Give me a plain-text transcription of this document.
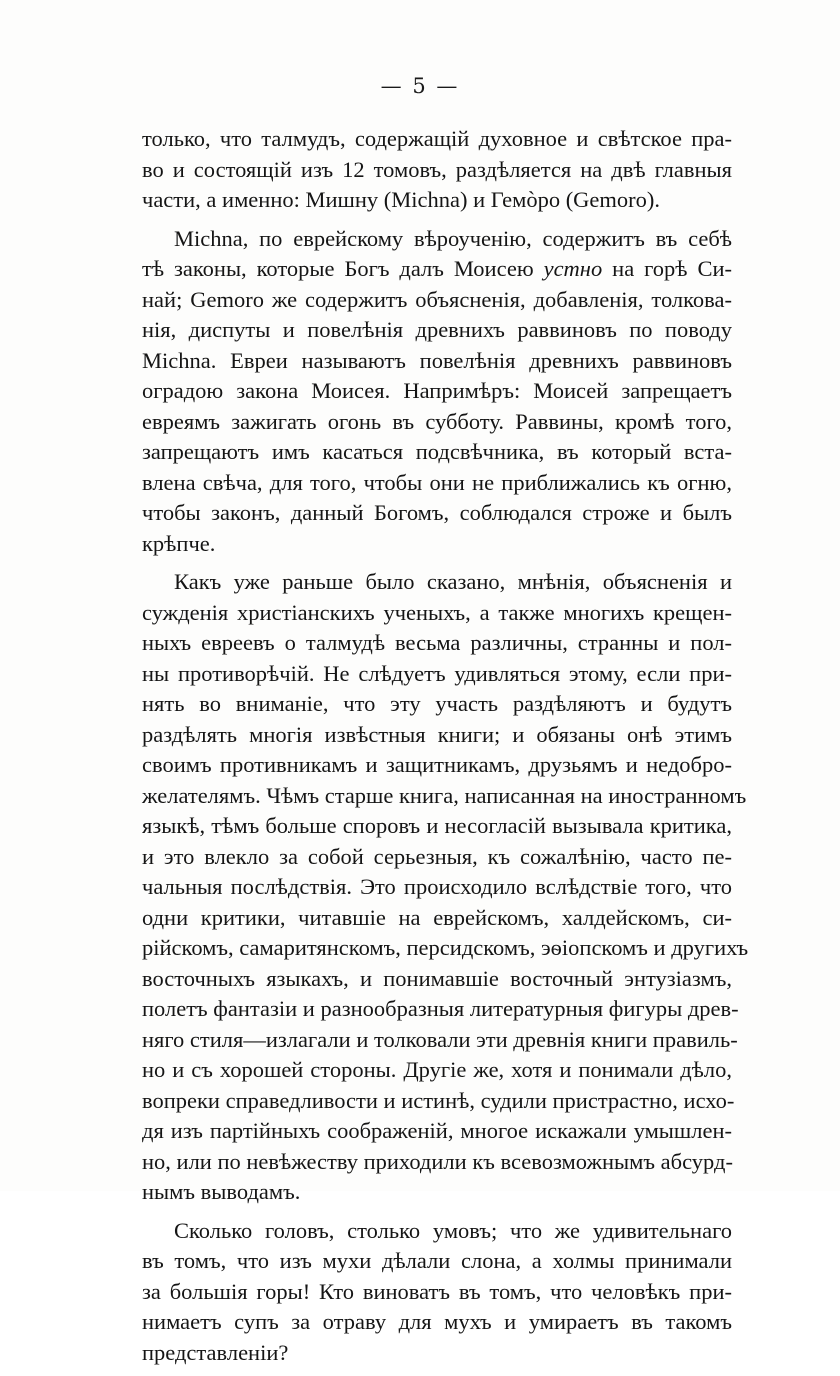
— 5 —
только, что талмудъ, содержащій духовное и свѣтское пра-
во и состоящій изъ 12 томовъ, раздѣляется на двѣ главныя
части, а именно: Мишну (Michna) и Гемòро (Gemoro).
Michna, по еврейскому вѣроученію, содержитъ въ себѣ
тѣ законы, которые Богъ далъ Моисею устно на горѣ Си-
най; Gemoro же содержитъ объясненія, добавленія, толкова-
нія, диспуты и повелѣнія древнихъ раввиновъ по поводу
Michna. Евреи называютъ повелѣнія древнихъ раввиновъ
оградою закона Моисея. Напримѣръ: Моисей запрещаетъ
евреямъ зажигать огонь въ субботу. Раввины, кромѣ того,
запрещаютъ имъ касаться подсвѣчника, въ который вста-
влена свѣча, для того, чтобы они не приближались къ огню,
чтобы законъ, данный Богомъ, соблюдался строже и былъ
крѣпче.
Какъ уже раньше было сказано, мнѣнія, объясненія и
сужденія христіанскихъ ученыхъ, а также многихъ крещен-
ныхъ евреевъ о талмудѣ весьма различны, странны и пол-
ны противорѣчій. Не слѣдуетъ удивляться этому, если при-
нять во вниманіе, что эту участь раздѣляютъ и будутъ
раздѣлять многія извѣстныя книги; и обязаны онѣ этимъ
своимъ противникамъ и защитникамъ, друзьямъ и недобро-
желателямъ. Чѣмъ старше книга, написанная на иностранномъ
языкѣ, тѣмъ больше споровъ и несогласій вызывала критика,
и это влекло за собой серьезныя, къ сожалѣнію, часто пе-
чальныя послѣдствія. Это происходило вслѣдствіе того, что
одни критики, читавшіе на еврейскомъ, халдейскомъ, си-
рійскомъ, самаритянскомъ, персидскомъ, эѳіопскомъ и другихъ
восточныхъ языкахъ, и понимавшіе восточный энтузіазмъ,
полетъ фантазіи и разнообразныя литературныя фигуры древ-
няго стиля—излагали и толковали эти древнія книги правиль-
но и съ хорошей стороны. Другіе же, хотя и понимали дѣло,
вопреки справедливости и истинѣ, судили пристрастно, исхо-
дя изъ партійныхъ соображеній, многое искажали умышлен-
но, или по невѣжеству приходили къ всевозможнымъ абсурд-
нымъ выводамъ.
Сколько головъ, столько умовъ; что же удивительнаго
въ томъ, что изъ мухи дѣлали слона, а холмы принимали
за большія горы! Кто виноватъ въ томъ, что человѣкъ при-
нимаетъ супъ за отраву для мухъ и умираетъ въ такомъ
представленіи?
